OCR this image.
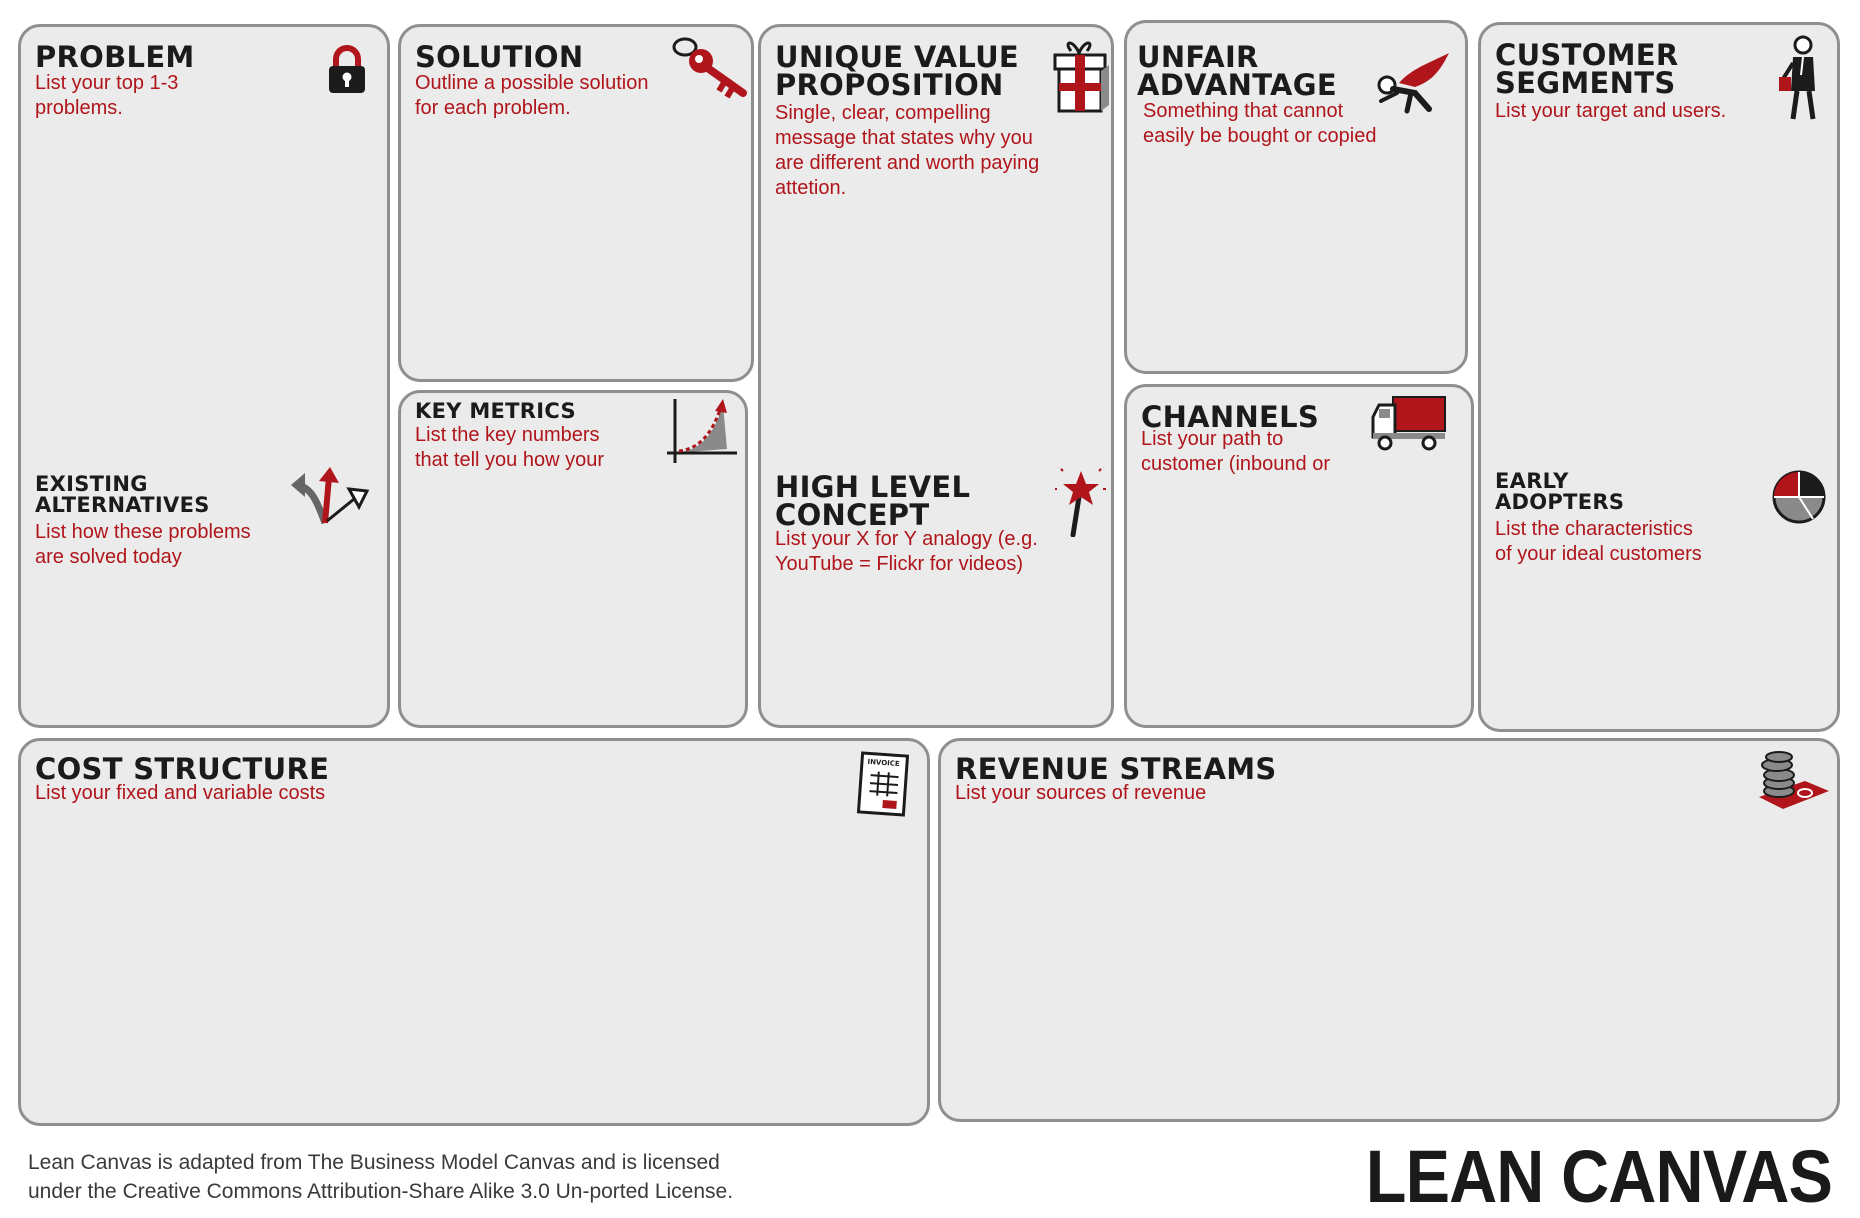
PROBLEM

List your top 1-3 problems.

EXISTING ALTERNATIVES

List how these problems are solved today

SOLUTION

Outline a possible solution for each problem.

KEY METRICS

List the key numbers that tell you how your

UNIQUE VALUE PROPOSITION

Single, clear, compelling message that states why you are different and worth paying attetion.

HIGH LEVEL CONCEPT

List your X for Y analogy (e.g. YouTube = Flickr for videos)

UNFAIR ADVANTAGE

Something that cannot easily be bought or copied

CHANNELS

List your path to customer (inbound or

CUSTOMER SEGMENTS

List your target and users.

EARLY ADOPTERS

List the characteristics of your ideal customers

COST STRUCTURE

List your fixed and variable costs

INVOICE REVENUE STREAMS

List your sources of revenue

Lean Canvas is adapted from The Business Model Canvas and is licensed
under the Creative Commons Attribution-Share Alike 3.0 Un-ported License.	LEAN CANVAS
